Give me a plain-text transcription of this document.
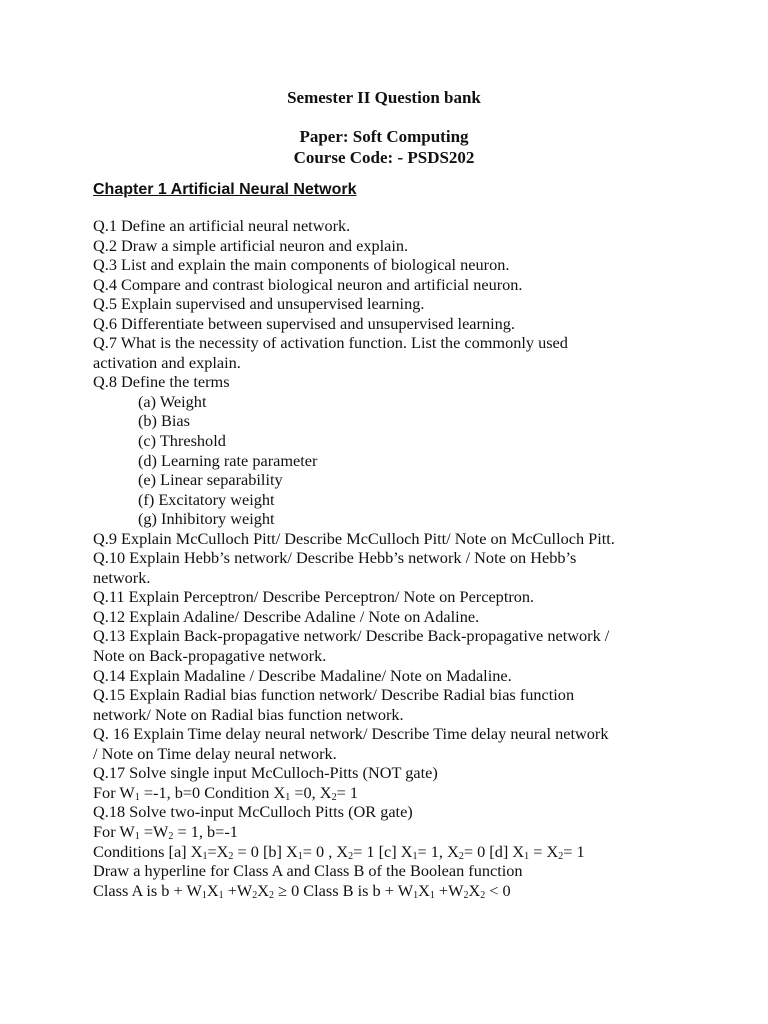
Semester II Question bank
Paper: Soft Computing
Course Code: - PSDS202
Chapter 1 Artificial Neural Network
Q.1 Define an artificial neural network.
Q.2 Draw a simple artificial neuron and explain.
Q.3 List and explain the main components of biological neuron.
Q.4 Compare and contrast biological neuron and artificial neuron.
Q.5 Explain supervised and unsupervised learning.
Q.6 Differentiate between supervised and unsupervised learning.
Q.7 What is the necessity of activation function. List the commonly used
activation and explain.
Q.8 Define the terms
(a) Weight
(b) Bias
(c) Threshold
(d) Learning rate parameter
(e) Linear separability
(f) Excitatory weight
(g) Inhibitory weight
Q.9 Explain McCulloch Pitt/ Describe McCulloch Pitt/ Note on McCulloch Pitt.
Q.10 Explain Hebb’s network/ Describe Hebb’s network / Note on Hebb’s
network.
Q.11 Explain Perceptron/ Describe Perceptron/ Note on Perceptron.
Q.12 Explain Adaline/ Describe Adaline / Note on Adaline.
Q.13 Explain Back-propagative network/ Describe Back-propagative network /
Note on Back-propagative network.
Q.14 Explain Madaline / Describe Madaline/ Note on Madaline.
Q.15 Explain Radial bias function network/ Describe Radial bias function
network/ Note on Radial bias function network.
Q. 16 Explain Time delay neural network/ Describe Time delay neural network
/ Note on Time delay neural network.
Q.17 Solve single input McCulloch-Pitts (NOT gate)
For $W_1 =-1$, b=0 Condition $X_1 =0$, $X_2= 1$
Q.18 Solve two-input McCulloch Pitts (OR gate)
For $W_1 =W_2 = 1$, b=-1
Conditions [a] $X_1=X_2 = 0$ [b] $X_1= 0$ , $X_2= 1$ [c] $X_1= 1$, $X_2= 0$ [d] $X_1 = X_2= 1$
Draw a hyperline for Class A and Class B of the Boolean function
Class A is $b + W_1X_1 +W_2X_2 \ge 0$ Class B is $b + W_1X_1 +W_2X_2 < 0$
